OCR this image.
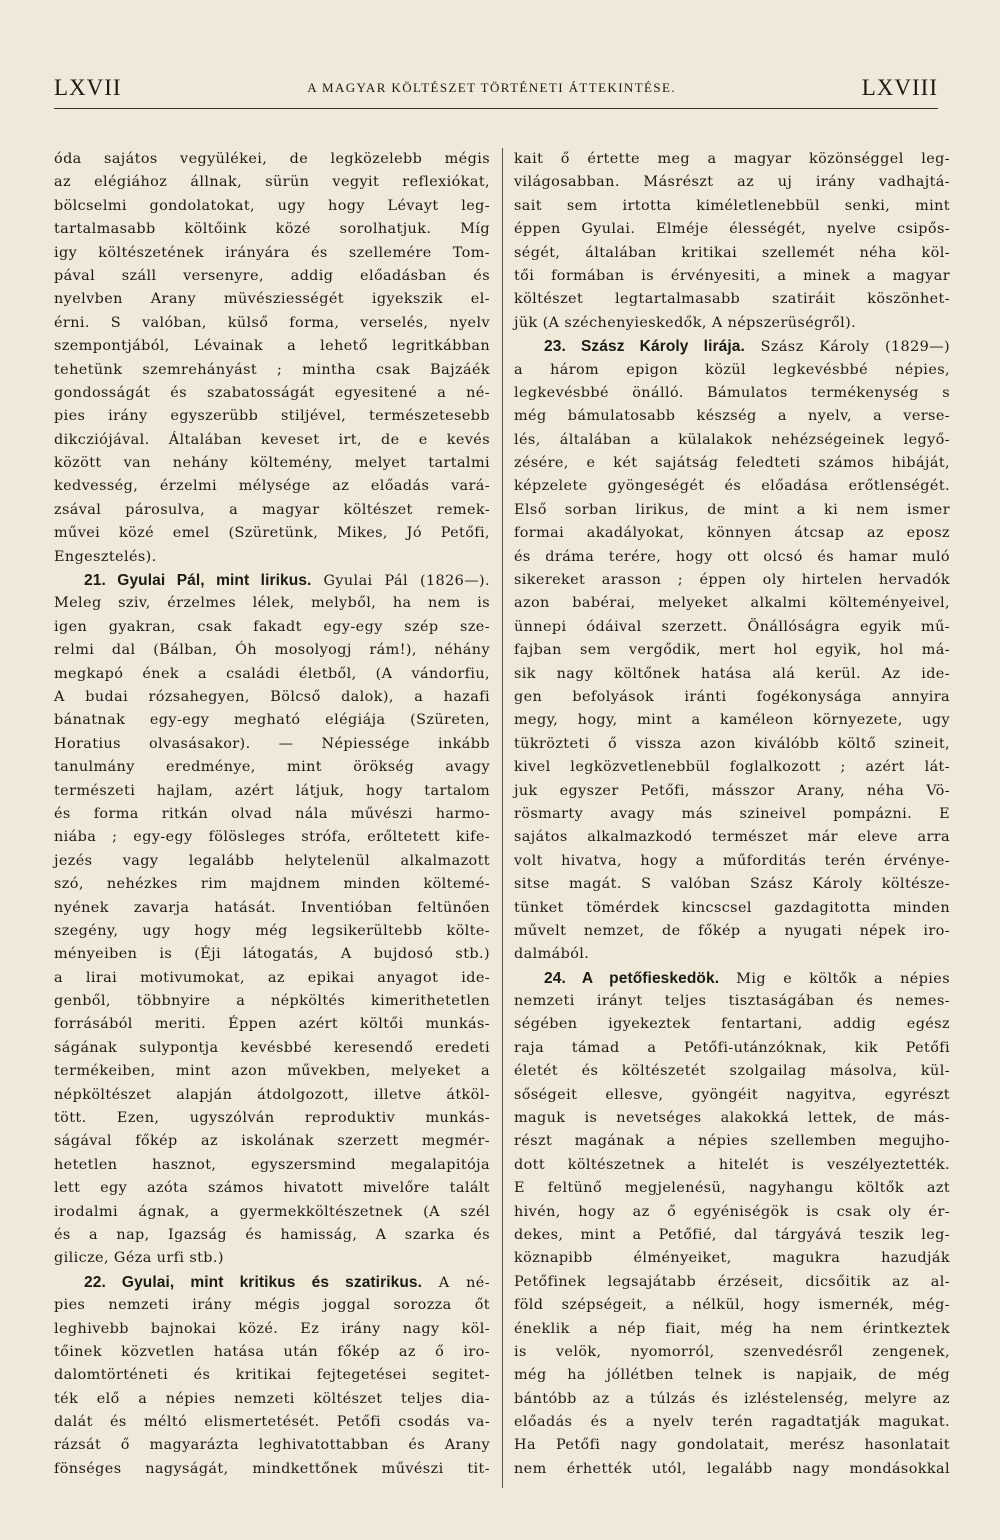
LXVII	A MAGYAR KÖLTÉSZET TÖRTÉNETI ÁTTEKINTÉSE.	LXVIII
óda sajátos vegyülékei, de legközelebb mégis
az elégiához állnak, sürün vegyit reflexiókat,
bölcselmi gondolatokat, ugy hogy Lévayt leg-
tartalmasabb költőink közé sorolhatjuk. Míg
igy költészetének irányára és szellemére Tom-
pával száll versenyre, addig előadásban és
nyelvben Arany müvésziességét igyekszik el-
érni. S valóban, külső forma, verselés, nyelv
szempontjából, Lévainak a lehető legritkábban
tehetünk szemrehányást ; mintha csak Bajzáék
gondosságát és szabatosságát egyesitené a né-
pies irány egyszerübb stiljével, természetesebb
dikcziójával. Általában keveset irt, de e kevés
között van nehány költemény, melyet tartalmi
kedvesség, érzelmi mélysége az előadás vará-
zsával párosulva, a magyar költészet remek-
művei közé emel (Szüretünk, Mikes, Jó Petőfi,
Engesztelés).
21. Gyulai Pál, mint lirikus. Gyulai Pál (1826—).
Meleg sziv, érzelmes lélek, melyből, ha nem is
igen gyakran, csak fakadt egy-egy szép sze-
relmi dal (Bálban, Óh mosolyogj rám!), néhány
megkapó ének a családi életből, (A vándorfiu,
A budai rózsahegyen, Bölcső dalok), a hazafi
bánatnak egy-egy megható elégiája (Szüreten,
Horatius olvasásakor). — Népiessége inkább
tanulmány eredménye, mint örökség avagy
természeti hajlam, azért látjuk, hogy tartalom
és forma ritkán olvad nála művészi harmo-
niába ; egy-egy fölösleges strófa, erőltetett kife-
jezés vagy legalább helytelenül alkalmazott
szó, nehézkes rim majdnem minden költemé-
nyének zavarja hatását. Inventióban feltünően
szegény, ugy hogy még legsikerültebb költe-
ményeiben is (Éji látogatás, A bujdosó stb.)
a lirai motivumokat, az epikai anyagot ide-
genből, többnyire a népköltés kimerithetetlen
forrásából meriti. Éppen azért költői munkás-
ságának sulypontja kevésbbé keresendő eredeti
termékeiben, mint azon művekben, melyeket a
népköltészet alapján átdolgozott, illetve átköl-
tött. Ezen, ugyszólván reproduktiv munkás-
ságával főkép az iskolának szerzett megmér-
hetetlen hasznot, egyszersmind megalapitója
lett egy azóta számos hivatott mivelőre talált
irodalmi ágnak, a gyermekköltészetnek (A szél
és a nap, Igazság és hamisság, A szarka és
gilicze, Géza urfi stb.)
22. Gyulai, mint kritikus és szatirikus. A né-
pies nemzeti irány mégis joggal sorozza őt
leghivebb bajnokai közé. Ez irány nagy köl-
tőinek közvetlen hatása után főkép az ő iro-
dalomtörténeti és kritikai fejtegetései segitet-
ték elő a népies nemzeti költészet teljes dia-
dalát és méltó elismertetését. Petőfi csodás va-
rázsát ő magyarázta leghivatottabban és Arany
fönséges nagyságát, mindkettőnek művészi tit-
kait ő értette meg a magyar közönséggel leg-
világosabban. Másrészt az uj irány vadhajtá-
sait sem irtotta kiméletlenebbül senki, mint
éppen Gyulai. Elméje élességét, nyelve csipős-
ségét, általában kritikai szellemét néha köl-
tői formában is érvényesiti, a minek a magyar
költészet legtartalmasabb szatiráit köszönhet-
jük (A széchenyieskedők, A népszerüségről).
23. Szász Károly lirája. Szász Károly (1829—)
a három epigon közül legkevésbbé népies,
legkevésbbé önálló. Bámulatos termékenység s
még bámulatosabb készség a nyelv, a verse-
lés, általában a külalakok nehézségeinek legyő-
zésére, e két sajátság feledteti számos hibáját,
képzelete gyöngeségét és előadása erőtlenségét.
Első sorban lirikus, de mint a ki nem ismer
formai akadályokat, könnyen átcsap az eposz
és dráma terére, hogy ott olcsó és hamar muló
sikereket arasson ; éppen oly hirtelen hervadók
azon babérai, melyeket alkalmi költeményeivel,
ünnepi ódáival szerzett. Önállóságra egyik mű-
fajban sem vergődik, mert hol egyik, hol má-
sik nagy költőnek hatása alá kerül. Az ide-
gen befolyások iránti fogékonysága annyira
megy, hogy, mint a kaméleon környezete, ugy
tükrözteti ő vissza azon kiválóbb költő szineit,
kivel legközvetlenebbül foglalkozott ; azért lát-
juk egyszer Petőfi, másszor Arany, néha Vö-
rösmarty avagy más szineivel pompázni. E
sajátos alkalmazkodó természet már eleve arra
volt hivatva, hogy a műforditás terén érvénye-
sitse magát. S valóban Szász Károly költésze-
tünket tömérdek kincscsel gazdagitotta minden
művelt nemzet, de főkép a nyugati népek iro-
dalmából.
24. A petőfieskedök. Mig e költők a népies
nemzeti irányt teljes tisztaságában és nemes-
ségében igyekeztek fentartani, addig egész
raja támad a Petőfi-utánzóknak, kik Petőfi
életét és költészetét szolgailag másolva, kül-
sőségeit ellesve, gyöngéit nagyitva, egyrészt
maguk is nevetséges alakokká lettek, de más-
részt magának a népies szellemben megujho-
dott költészetnek a hitelét is veszélyeztették.
E feltünő megjelenésü, nagyhangu költők azt
hivén, hogy az ő egyéniségök is csak oly ér-
dekes, mint a Petőfié, dal tárgyává teszik leg-
köznapibb élményeiket, magukra hazudják
Petőfinek legsajátabb érzéseit, dicsőitik az al-
föld szépségeit, a nélkül, hogy ismernék, még-
éneklik a nép fiait, még ha nem érintkeztek
is velök, nyomorról, szenvedésről zengenek,
még ha jóllétben telnek is napjaik, de még
bántóbb az a túlzás és izléstelenség, melyre az
előadás és a nyelv terén ragadtatják magukat.
Ha Petőfi nagy gondolatait, merész hasonlatait
nem érhették utól, legalább nagy mondásokkal
